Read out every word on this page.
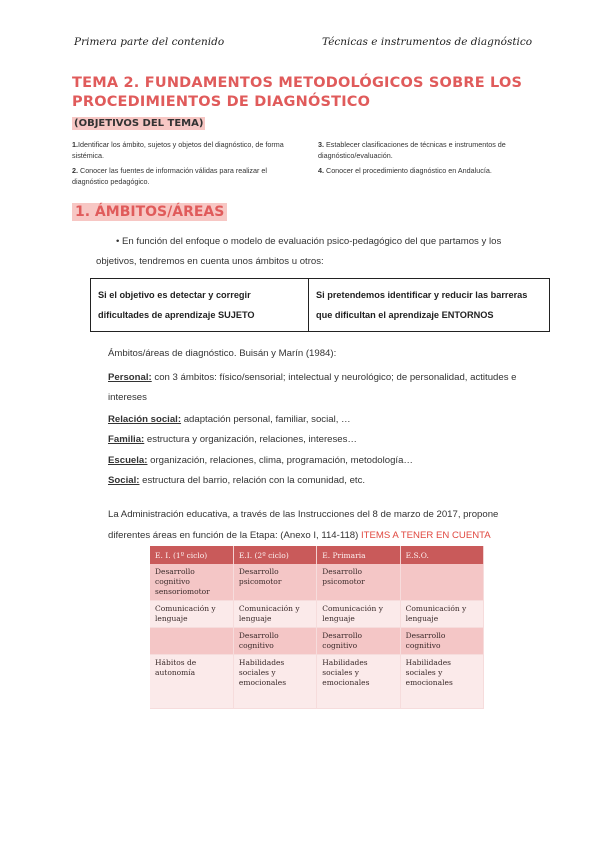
Primera parte del contenido	Técnicas e instrumentos de diagnóstico
TEMA 2. FUNDAMENTOS METODOLÓGICOS SOBRE LOS PROCEDIMIENTOS DE DIAGNÓSTICO
(OBJETIVOS DEL TEMA)
1.Identificar los ámbito, sujetos y objetos del diagnóstico, de forma sistémica.
2. Conocer las fuentes de información válidas para realizar el diagnóstico pedagógico.
3. Establecer clasificaciones de técnicas e instrumentos de diagnóstico/evaluación.
4. Conocer el procedimiento diagnóstico en Andalucía.
1. ÁMBITOS/ÁREAS
• En función del enfoque o modelo de evaluación psico-pedagógico del que partamos y los
objetivos, tendremos en cuenta unos ámbitos u otros:
Si el objetivo es detectar y corregir dificultades de aprendizaje SUJETO	Si pretendemos identificar y reducir las barreras que dificultan el aprendizaje ENTORNOS
Ámbitos/áreas de diagnóstico. Buisán y Marín (1984):
Personal: con 3 ámbitos: físico/sensorial; intelectual y neurológico; de personalidad, actitudes e intereses
Relación social: adaptación personal, familiar, social, …
Familia: estructura y organización, relaciones, intereses…
Escuela: organización, relaciones, clima, programación, metodología…
Social: estructura del barrio, relación con la comunidad, etc.
La Administración educativa, a través de las Instrucciones del 8 de marzo de 2017, propone
diferentes áreas en función de la Etapa: (Anexo I, 114-118) ITEMS A TENER EN CUENTA
E. I. (1º ciclo)	E.I. (2º ciclo)	E. Primaria	E.S.O.
Desarrollo cognitivo sensoriomotor	Desarrollo psicomotor	Desarrollo psicomotor	
Comunicación y lenguaje	Comunicación y lenguaje	Comunicación y lenguaje	Comunicación y lenguaje
	Desarrollo cognitivo	Desarrollo cognitivo	Desarrollo cognitivo
Hábitos de autonomía	Habilidades sociales y emocionales	Habilidades sociales y emocionales	Habilidades sociales y emocionales
